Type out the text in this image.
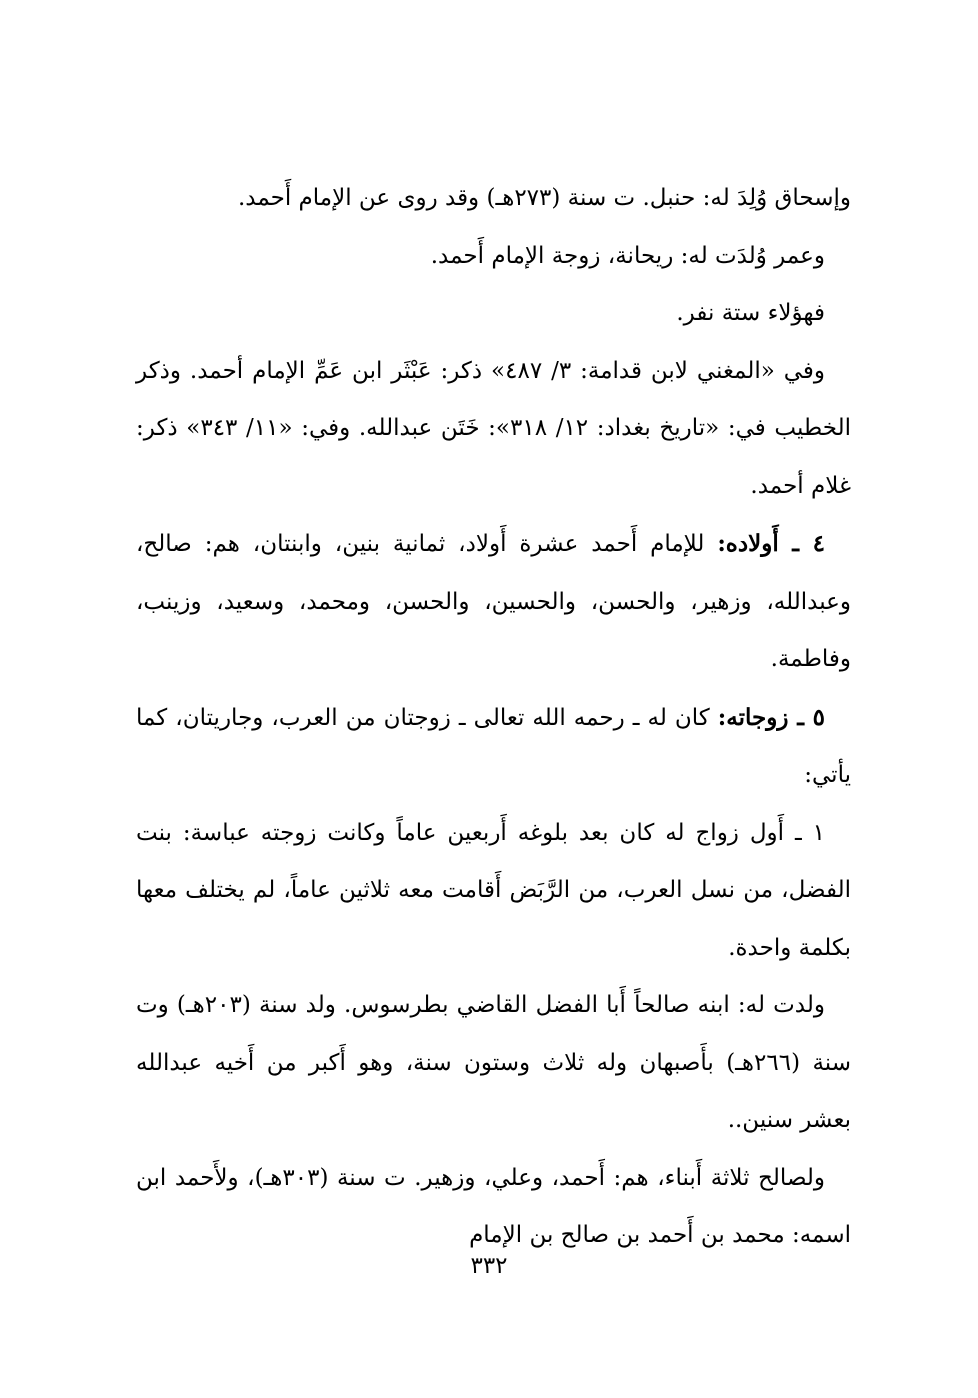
وإسحاق وُلِدَ له: حنبل. ت سنة (٢٧٣هـ) وقد روى عن الإمام أَحمد.

وعمر وُلدَت له: ريحانة، زوجة الإمام أَحمد.

فهؤلاء ستة نفر.

وفي «المغني لابن قدامة: ٣/ ٤٨٧» ذكر: عَبْثَر ابن عَمِّ الإمام أحمد. وذكر الخطيب في: «تاريخ بغداد: ١٢/ ٣١٨»: خَتَن عبدالله. وفي: «١١/ ٣٤٣» ذكر: غلام أحمد.

٤ ـ أَولاده: للإمام أَحمد عشرة أَولاد، ثمانية بنين، وابنتان، هم: صالح، وعبدالله، وزهير، والحسن، والحسين، والحسن، ومحمد، وسعيد، وزينب، وفاطمة.

٥ ـ زوجاته: كان له ـ رحمه الله تعالى ـ زوجتان من العرب، وجاريتان، كما يأتي:

١ ـ أَول زواج له كان بعد بلوغه أَربعين عاماً وكانت زوجته عباسة: بنت الفضل، من نسل العرب، من الرَّبَض أَقامت معه ثلاثين عاماً، لم يختلف معها بكلمة واحدة.

ولدت له: ابنه صالحاً أَبا الفضل القاضي بطرسوس. ولد سنة (٢٠٣هـ) وت سنة (٢٦٦هـ) بأَصبهان وله ثلاث وستون سنة، وهو أَكبر من أَخيه عبدالله بعشر سنين..

ولصالح ثلاثة أَبناء، هم: أَحمد، وعلي، وزهير. ت سنة (٣٠٣هـ)، ولأَحمد ابن اسمه: محمد بن أَحمد بن صالح بن الإمام

٣٣٢
